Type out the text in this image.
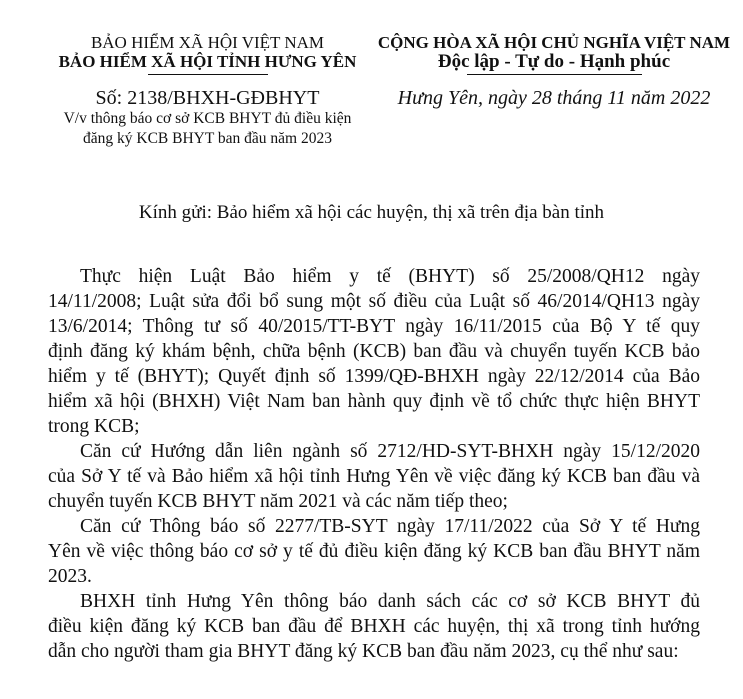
BẢO HIỂM XÃ HỘI VIỆT NAM
BẢO HIỂM XÃ HỘI TỈNH HƯNG YÊN
Số: 2138/BHXH-GĐBHYT
V/v thông báo cơ sở KCB BHYT đủ điều kiện
đăng ký KCB BHYT ban đầu năm 2023
CỘNG HÒA XÃ HỘI CHỦ NGHĨA VIỆT NAM
Độc lập - Tự do - Hạnh phúc
Hưng Yên, ngày 28 tháng 11 năm 2022
Kính gửi: Bảo hiểm xã hội các huyện, thị xã trên địa bàn tỉnh
Thực hiện Luật Bảo hiểm y tế (BHYT) số 25/2008/QH12 ngày
14/11/2008; Luật sửa đổi bổ sung một số điều của Luật số 46/2014/QH13 ngày
13/6/2014; Thông tư số 40/2015/TT-BYT ngày 16/11/2015 của Bộ Y tế quy
định đăng ký khám bệnh, chữa bệnh (KCB) ban đầu và chuyển tuyến KCB bảo
hiểm y tế (BHYT); Quyết định số 1399/QĐ-BHXH ngày 22/12/2014 của Bảo
hiểm xã hội (BHXH) Việt Nam ban hành quy định về tổ chức thực hiện BHYT
trong KCB;
Căn cứ Hướng dẫn liên ngành số 2712/HD-SYT-BHXH ngày 15/12/2020
của Sở Y tế và Bảo hiểm xã hội tỉnh Hưng Yên về việc đăng ký KCB ban đầu và
chuyển tuyến KCB BHYT năm 2021 và các năm tiếp theo;
Căn cứ Thông báo số 2277/TB-SYT ngày 17/11/2022 của Sở Y tế Hưng
Yên về việc thông báo cơ sở y tế đủ điều kiện đăng ký KCB ban đầu BHYT năm
2023.
BHXH tỉnh Hưng Yên thông báo danh sách các cơ sở KCB BHYT đủ
điều kiện đăng ký KCB ban đầu để BHXH các huyện, thị xã trong tỉnh hướng
dẫn cho người tham gia BHYT đăng ký KCB ban đầu năm 2023, cụ thể như sau:
